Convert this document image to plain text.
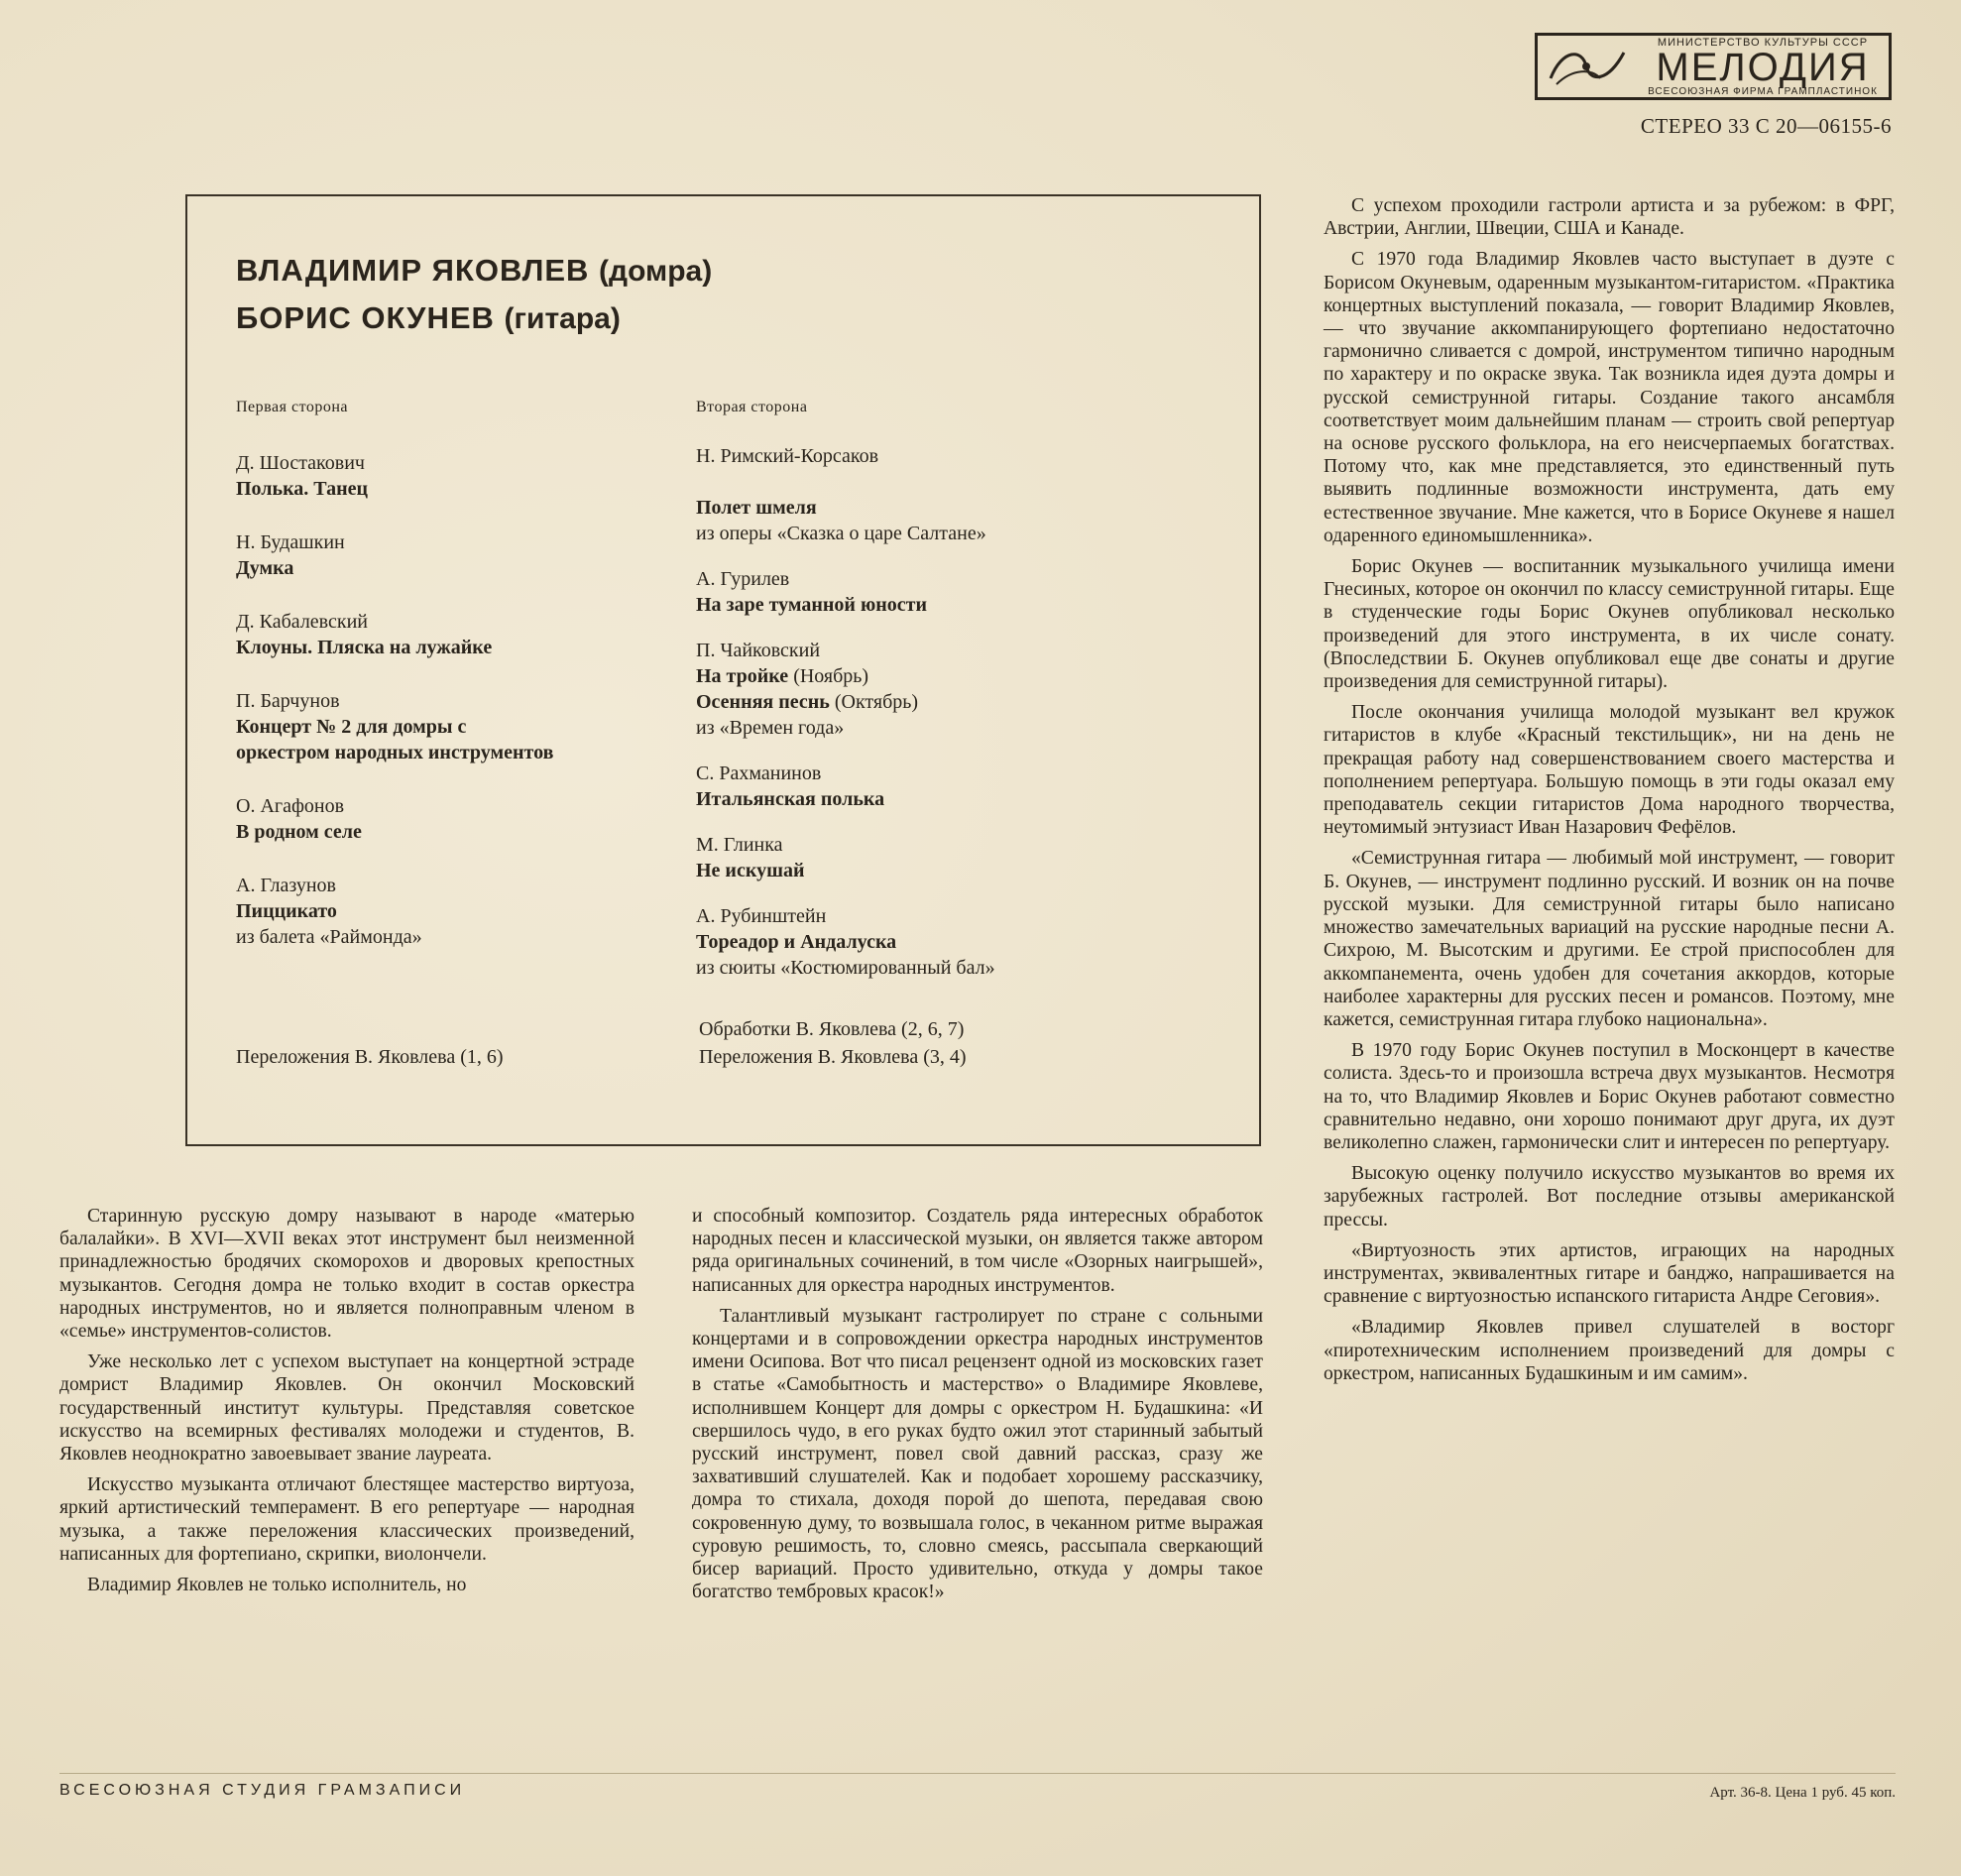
МИНИСТЕРСТВО КУЛЬТУРЫ СССР
МЕЛОДИЯ
ВСЕСОЮЗНАЯ ФИРМА ГРАМПЛАСТИНОК
СТЕРЕО 33 С 20—06155-6
ВЛАДИМИР ЯКОВЛЕВ (домра)
БОРИС ОКУНЕВ (гитара)
Первая сторона
Д. Шостакович
Полька. Танец
Н. Будашкин
Думка
Д. Кабалевский
Клоуны. Пляска на лужайке
П. Барчунов
Концерт № 2 для домры с
оркестром народных инструментов
О. Агафонов
В родном селе
А. Глазунов
Пиццикато
из балета «Раймонда»
Переложения В. Яковлева (1, 6)
Вторая сторона
Н. Римский-Корсаков
Полет шмеля
из оперы «Сказка о царе Салтане»
А. Гурилев
На заре туманной юности
П. Чайковский
На тройке (Ноябрь)
Осенняя песнь (Октябрь)
из «Времен года»
С. Рахманинов
Итальянская полька
М. Глинка
Не искушай
А. Рубинштейн
Тореадор и Андалуска
из сюиты «Костюмированный бал»
Обработки В. Яковлева (2, 6, 7)
Переложения В. Яковлева (3, 4)

Старинную русскую домру называют в народе «матерью балалайки». В XVI—XVII веках этот инструмент был неизменной принадлежностью бродячих скоморохов и дворовых крепостных музыкантов. Сегодня домра не только входит в состав оркестра народных инструментов, но и является полноправным членом в «семье» инструментов-солистов.

Уже несколько лет с успехом выступает на концертной эстраде домрист Владимир Яковлев. Он окончил Московский государственный институт культуры. Представляя советское искусство на всемирных фестивалях молодежи и студентов, В. Яковлев неоднократно завоевывает звание лауреата.

Искусство музыканта отличают блестящее мастерство виртуоза, яркий артистический темперамент. В его репертуаре — народная музыка, а также переложения классических произведений, написанных для фортепиано, скрипки, виолончели.

Владимир Яковлев не только исполнитель, но

и способный композитор. Создатель ряда интересных обработок народных песен и классической музыки, он является также автором ряда оригинальных сочинений, в том числе «Озорных наигрышей», написанных для оркестра народных инструментов.

Талантливый музыкант гастролирует по стране с сольными концертами и в сопровождении оркестра народных инструментов имени Осипова. Вот что писал рецензент одной из московских газет в статье «Самобытность и мастерство» о Владимире Яковлеве, исполнившем Концерт для домры с оркестром Н. Будашкина: «И свершилось чудо, в его руках будто ожил этот старинный забытый русский инструмент, повел свой давний рассказ, сразу же захвативший слушателей. Как и подобает хорошему рассказчику, домра то стихала, доходя порой до шепота, передавая свою сокровенную думу, то возвышала голос, в чеканном ритме выражая суровую решимость, то, словно смеясь, рассыпала сверкающий бисер вариаций. Просто удивительно, откуда у домры такое богатство тембровых красок!»

С успехом проходили гастроли артиста и за рубежом: в ФРГ, Австрии, Англии, Швеции, США и Канаде.

С 1970 года Владимир Яковлев часто выступает в дуэте с Борисом Окуневым, одаренным музыкантом-гитаристом. «Практика концертных выступлений показала, — говорит Владимир Яковлев, — что звучание аккомпанирующего фортепиано недостаточно гармонично сливается с домрой, инструментом типично народным по характеру и по окраске звука. Так возникла идея дуэта домры и русской семиструнной гитары. Создание такого ансамбля соответствует моим дальнейшим планам — строить свой репертуар на основе русского фольклора, на его неисчерпаемых богатствах. Потому что, как мне представляется, это единственный путь выявить подлинные возможности инструмента, дать ему естественное звучание. Мне кажется, что в Борисе Окуневе я нашел одаренного единомышленника».

Борис Окунев — воспитанник музыкального училища имени Гнесиных, которое он окончил по классу семиструнной гитары. Еще в студенческие годы Борис Окунев опубликовал несколько произведений для этого инструмента, в их числе сонату. (Впоследствии Б. Окунев опубликовал еще две сонаты и другие произведения для семиструнной гитары).

После окончания училища молодой музыкант вел кружок гитаристов в клубе «Красный текстильщик», ни на день не прекращая работу над совершенствованием своего мастерства и пополнением репертуара. Большую помощь в эти годы оказал ему преподаватель секции гитаристов Дома народного творчества, неутомимый энтузиаст Иван Назарович Фефёлов.

«Семиструнная гитара — любимый мой инструмент, — говорит Б. Окунев, — инструмент подлинно русский. И возник он на почве русской музыки. Для семиструнной гитары было написано множество замечательных вариаций на русские народные песни А. Сихрою, М. Высотским и другими. Ее строй приспособлен для аккомпанемента, очень удобен для сочетания аккордов, которые наиболее характерны для русских песен и романсов. Поэтому, мне кажется, семиструнная гитара глубоко национальна».

В 1970 году Борис Окунев поступил в Москонцерт в качестве солиста. Здесь-то и произошла встреча двух музыкантов. Несмотря на то, что Владимир Яковлев и Борис Окунев работают совместно сравнительно недавно, они хорошо понимают друг друга, их дуэт великолепно слажен, гармонически слит и интересен по репертуару.

Высокую оценку получило искусство музыкантов во время их зарубежных гастролей. Вот последние отзывы американской прессы.

«Виртуозность этих артистов, играющих на народных инструментах, эквивалентных гитаре и банджо, напрашивается на сравнение с виртуозностью испанского гитариста Андре Сеговия».

«Владимир Яковлев привел слушателей в восторг «пиротехническим исполнением произведений для домры с оркестром, написанных Будашкиным и им самим».

ВСЕСОЮЗНАЯ СТУДИЯ ГРАМЗАПИСИ	Арт. 36-8. Цена 1 руб. 45 коп.
